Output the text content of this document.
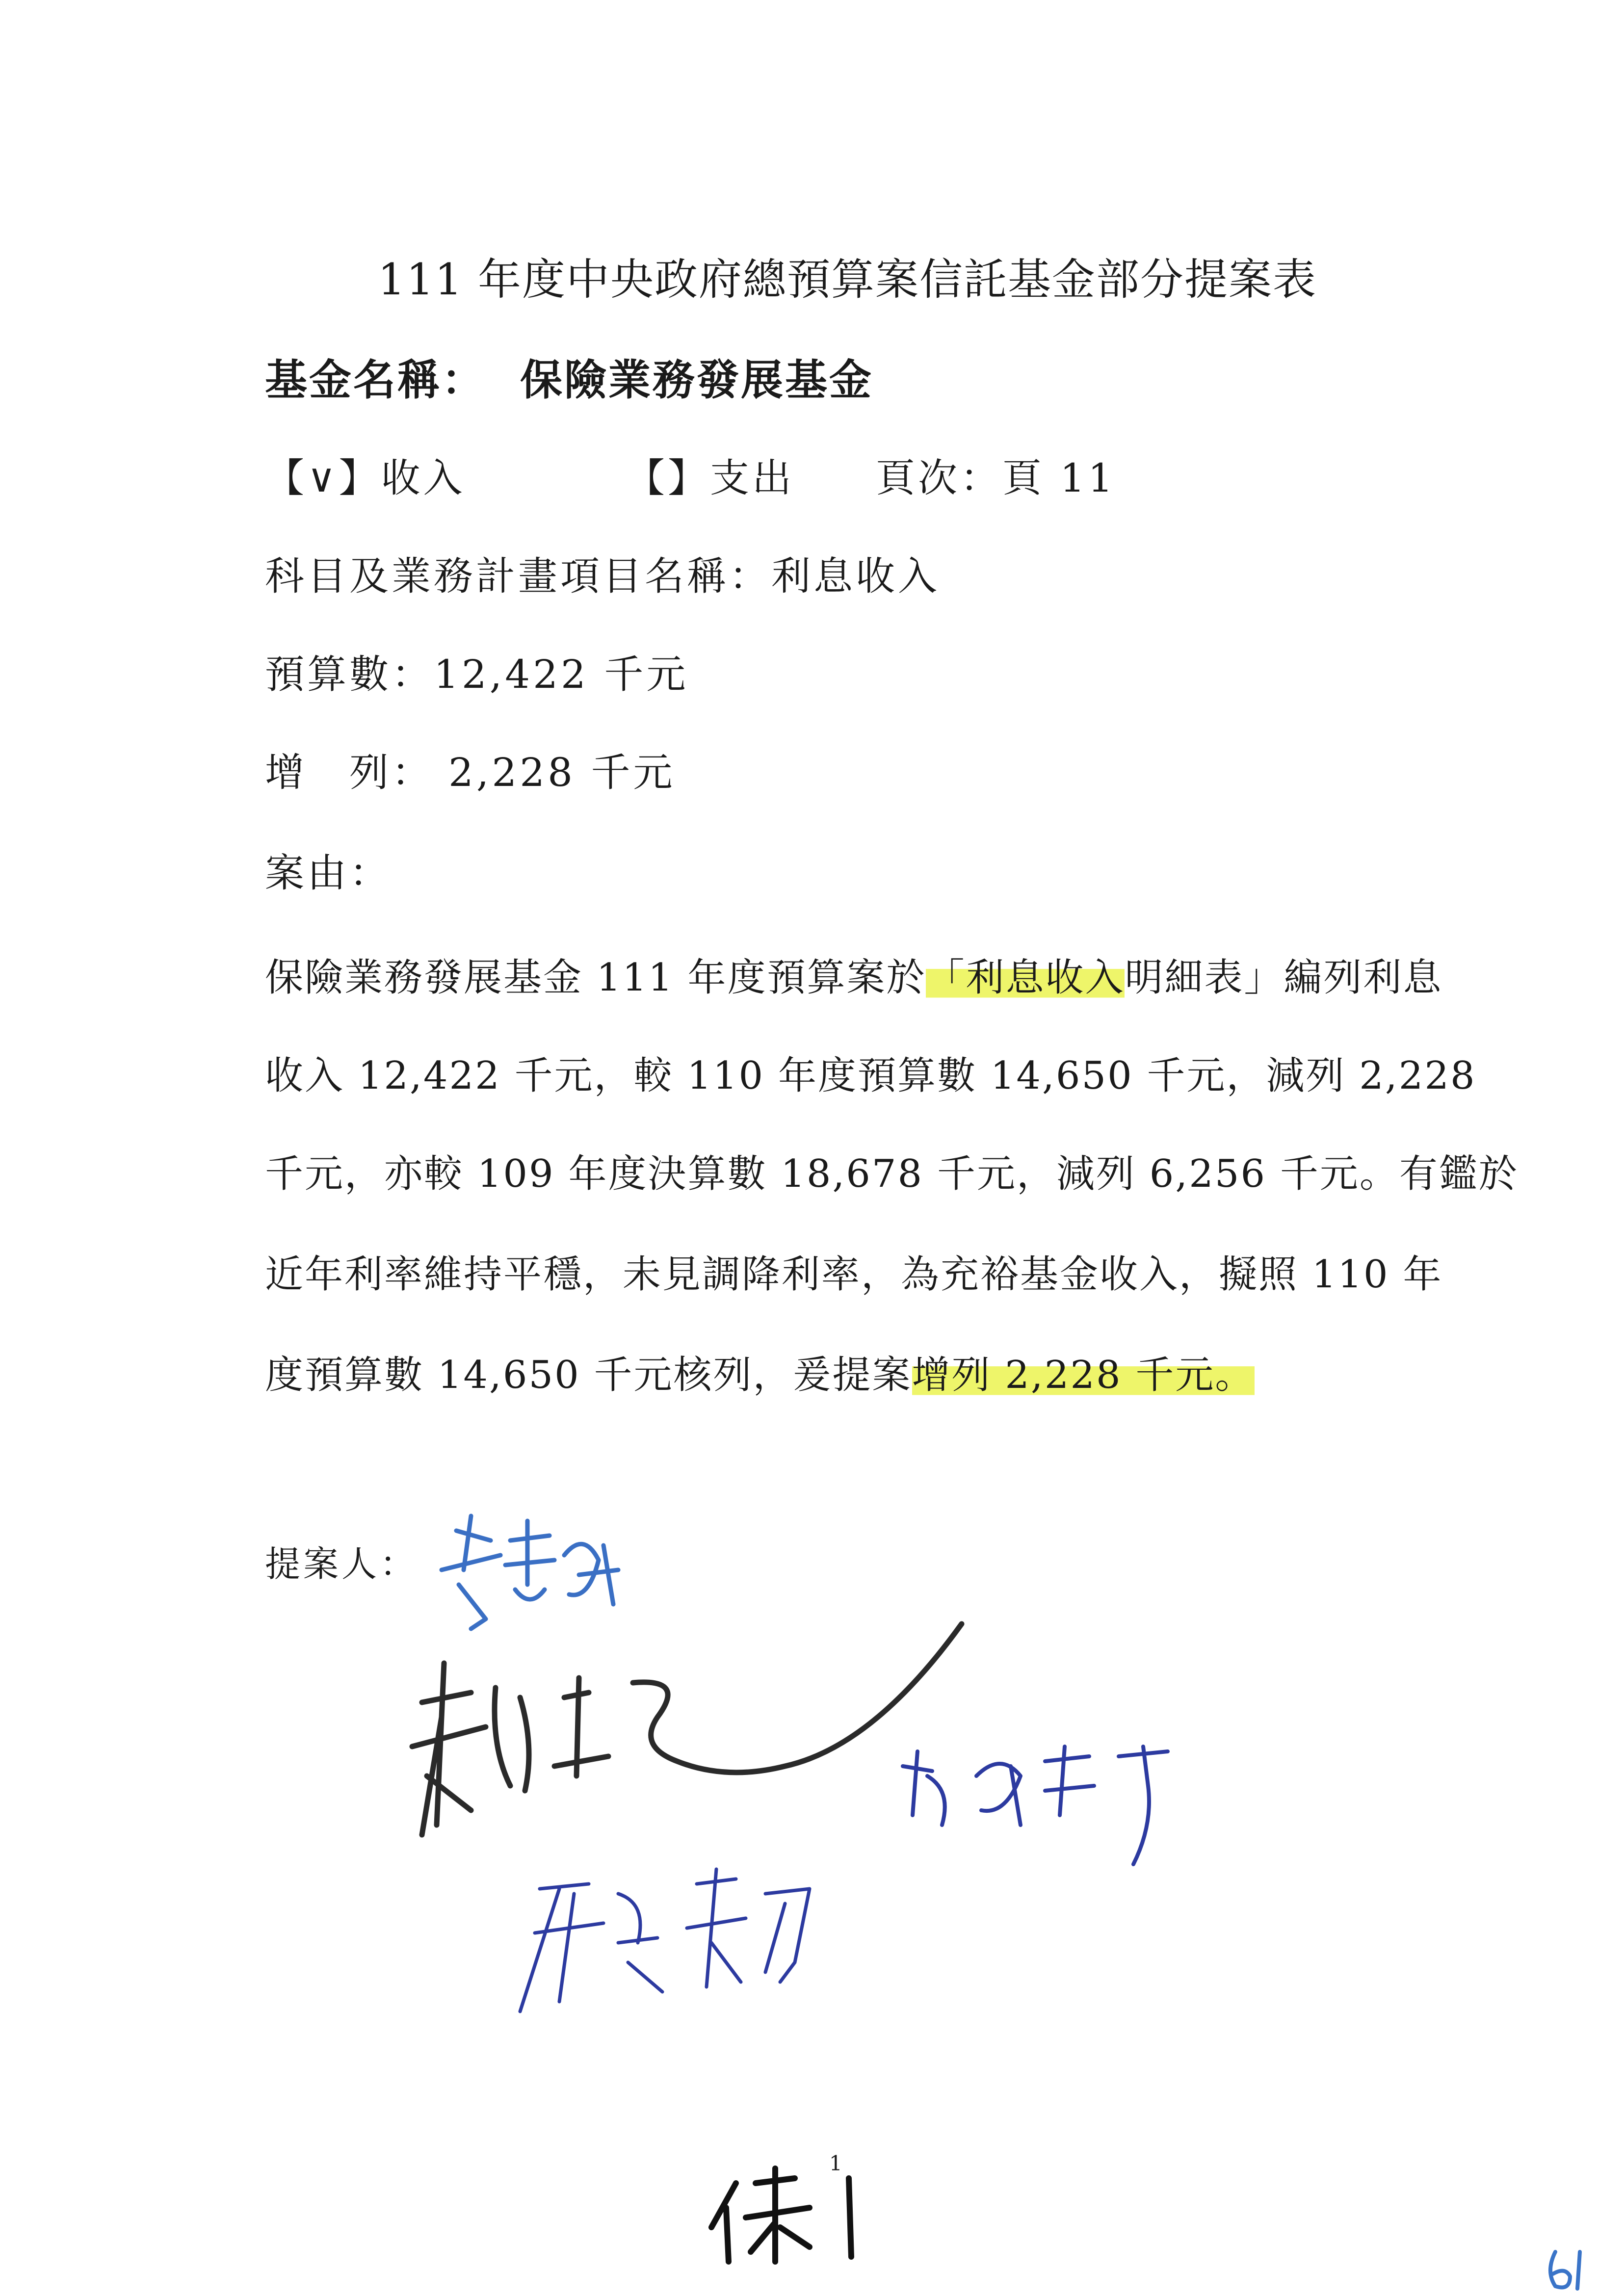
111 年度中央政府總預算案信託基金部分提案表
基金名稱： 保險業務發展基金
【∨】收入	【】支出 頁次：頁 11
科目及業務計畫項目名稱：利息收入
預算數：12,422 千元
增　列： 2,228 千元
案由：
保險業務發展基金 111 年度預算案於「利息收入明細表」編列利息
收入 12,422 千元，較 110 年度預算數 14,650 千元，減列 2,228
千元，亦較 109 年度決算數 18,678 千元，減列 6,256 千元。有鑑於
近年利率維持平穩，未見調降利率，為充裕基金收入，擬照 110 年
度預算數 14,650 千元核列，爰提案增列 2,228 千元。
提案人：
1
